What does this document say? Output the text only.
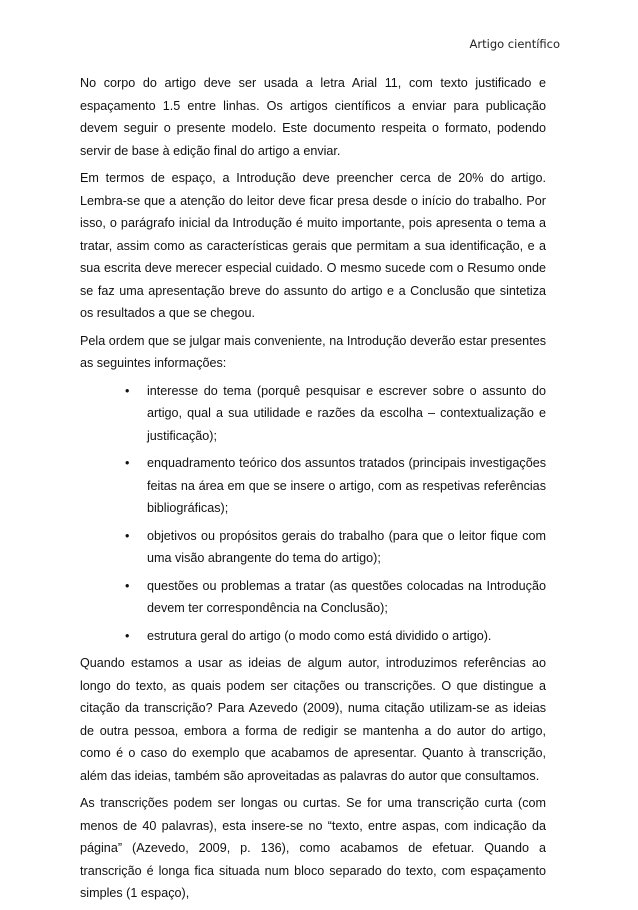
Artigo científico

No corpo do artigo deve ser usada a letra Arial 11, com texto justificado e espaçamento 1.5 entre linhas. Os artigos científicos a enviar para publicação devem seguir o presente modelo. Este documento respeita o formato, podendo servir de base à edição final do artigo a enviar.

Em termos de espaço, a Introdução deve preencher cerca de 20% do artigo. Lembra-se que a atenção do leitor deve ficar presa desde o início do trabalho. Por isso, o parágrafo inicial da Introdução é muito importante, pois apresenta o tema a tratar, assim como as características gerais que permitam a sua identificação, e a sua escrita deve merecer especial cuidado. O mesmo sucede com o Resumo onde se faz uma apresentação breve do assunto do artigo e a Conclusão que sintetiza os resultados a que se chegou.

Pela ordem que se julgar mais conveniente, na Introdução deverão estar presentes as seguintes informações:

• interesse do tema (porquê pesquisar e escrever sobre o assunto do artigo, qual a sua utilidade e razões da escolha – contextualização e justificação);
• enquadramento teórico dos assuntos tratados (principais investigações feitas na área em que se insere o artigo, com as respetivas referências bibliográficas);
• objetivos ou propósitos gerais do trabalho (para que o leitor fique com uma visão abrangente do tema do artigo);
• questões ou problemas a tratar (as questões colocadas na Introdução devem ter correspondência na Conclusão);
• estrutura geral do artigo (o modo como está dividido o artigo).

Quando estamos a usar as ideias de algum autor, introduzimos referências ao longo do texto, as quais podem ser citações ou transcrições. O que distingue a citação da transcrição? Para Azevedo (2009), numa citação utilizam-se as ideias de outra pessoa, embora a forma de redigir se mantenha a do autor do artigo, como é o caso do exemplo que acabamos de apresentar. Quanto à transcrição, além das ideias, também são aproveitadas as palavras do autor que consultamos.

As transcrições podem ser longas ou curtas. Se for uma transcrição curta (com menos de 40 palavras), esta insere-se no “texto, entre aspas, com indicação da página” (Azevedo, 2009, p. 136), como acabamos de efetuar. Quando a transcrição é longa fica situada num bloco separado do texto, com espaçamento simples (1 espaço),
